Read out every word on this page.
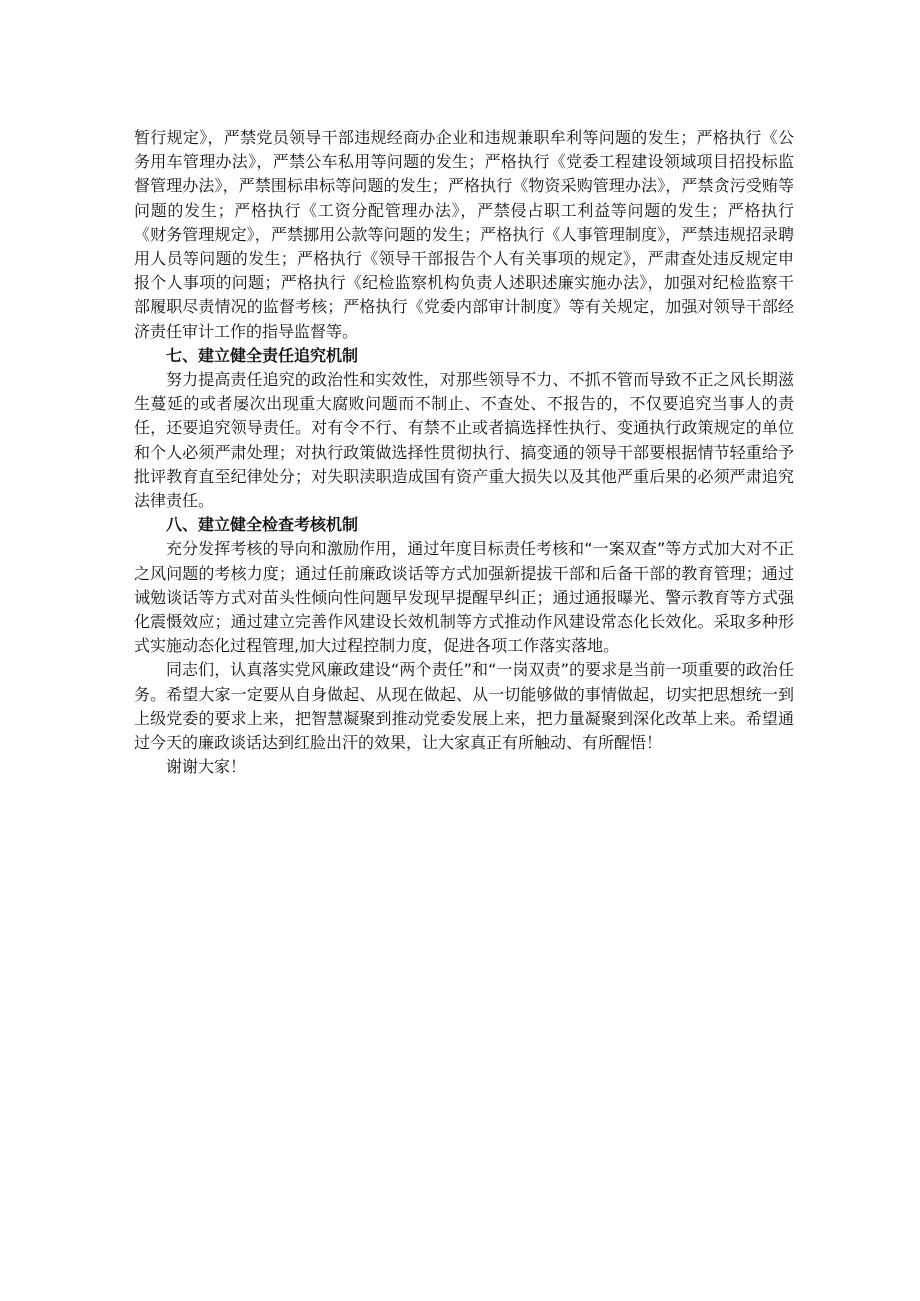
暂行规定》，严禁党员领导干部违规经商办企业和违规兼职牟利等问题的发生；严格执行《公务用车管理办法》，严禁公车私用等问题的发生；严格执行《党委工程建设领域项目招投标监督管理办法》，严禁围标串标等问题的发生；严格执行《物资采购管理办法》，严禁贪污受贿等问题的发生；严格执行《工资分配管理办法》，严禁侵占职工利益等问题的发生；严格执行《财务管理规定》，严禁挪用公款等问题的发生；严格执行《人事管理制度》，严禁违规招录聘用人员等问题的发生；严格执行《领导干部报告个人有关事项的规定》，严肃查处违反规定申报个人事项的问题；严格执行《纪检监察机构负责人述职述廉实施办法》，加强对纪检监察干部履职尽责情况的监督考核；严格执行《党委内部审计制度》等有关规定，加强对领导干部经济责任审计工作的指导监督等。

七、建立健全责任追究机制

努力提高责任追究的政治性和实效性，对那些领导不力、不抓不管而导致不正之风长期滋生蔓延的或者屡次出现重大腐败问题而不制止、不查处、不报告的，不仅要追究当事人的责任，还要追究领导责任。对有令不行、有禁不止或者搞选择性执行、变通执行政策规定的单位和个人必须严肃处理；对执行政策做选择性贯彻执行、搞变通的领导干部要根据情节轻重给予批评教育直至纪律处分；对失职渎职造成国有资产重大损失以及其他严重后果的必须严肃追究法律责任。

八、建立健全检查考核机制

充分发挥考核的导向和激励作用，通过年度目标责任考核和“一案双查”等方式加大对不正之风问题的考核力度；通过任前廉政谈话等方式加强新提拔干部和后备干部的教育管理；通过诫勉谈话等方式对苗头性倾向性问题早发现早提醒早纠正；通过通报曝光、警示教育等方式强化震慑效应；通过建立完善作风建设长效机制等方式推动作风建设常态化长效化。采取多种形式实施动态化过程管理,加大过程控制力度，促进各项工作落实落地。

同志们，认真落实党风廉政建设“两个责任”和“一岗双责”的要求是当前一项重要的政治任务。希望大家一定要从自身做起、从现在做起、从一切能够做的事情做起，切实把思想统一到上级党委的要求上来，把智慧凝聚到推动党委发展上来，把力量凝聚到深化改革上来。希望通过今天的廉政谈话达到红脸出汗的效果，让大家真正有所触动、有所醒悟！

谢谢大家！
